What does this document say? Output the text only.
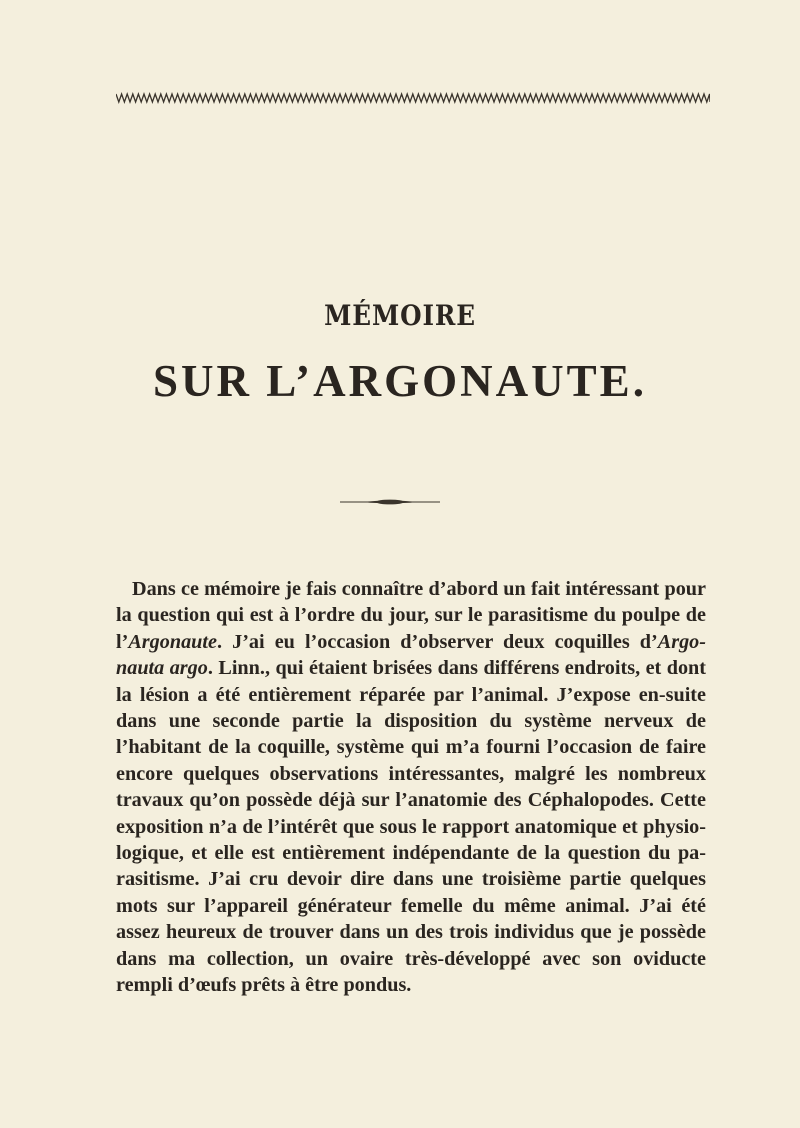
MÉMOIRE
SUR L’ARGONAUTE.

Dans ce mémoire je fais connaître d’abord un fait intéressant pour la question qui est à l’ordre du jour, sur le parasitisme du poulpe de l’Argonaute. J’ai eu l’occasion d’observer deux coquilles d’Argo-nauta argo. Linn., qui étaient brisées dans différens endroits, et dont la lésion a été entièrement réparée par l’animal. J’expose en-suite dans une seconde partie la disposition du système nerveux de l’habitant de la coquille, système qui m’a fourni l’occasion de faire encore quelques observations intéressantes, malgré les nombreux travaux qu’on possède déjà sur l’anatomie des Céphalopodes. Cette exposition n’a de l’intérêt que sous le rapport anatomique et physio-logique, et elle est entièrement indépendante de la question du pa-rasitisme. J’ai cru devoir dire dans une troisième partie quelques mots sur l’appareil générateur femelle du même animal. J’ai été assez heureux de trouver dans un des trois individus que je possède dans ma collection, un ovaire très-développé avec son oviducte rempli d’œufs prêts à être pondus.
